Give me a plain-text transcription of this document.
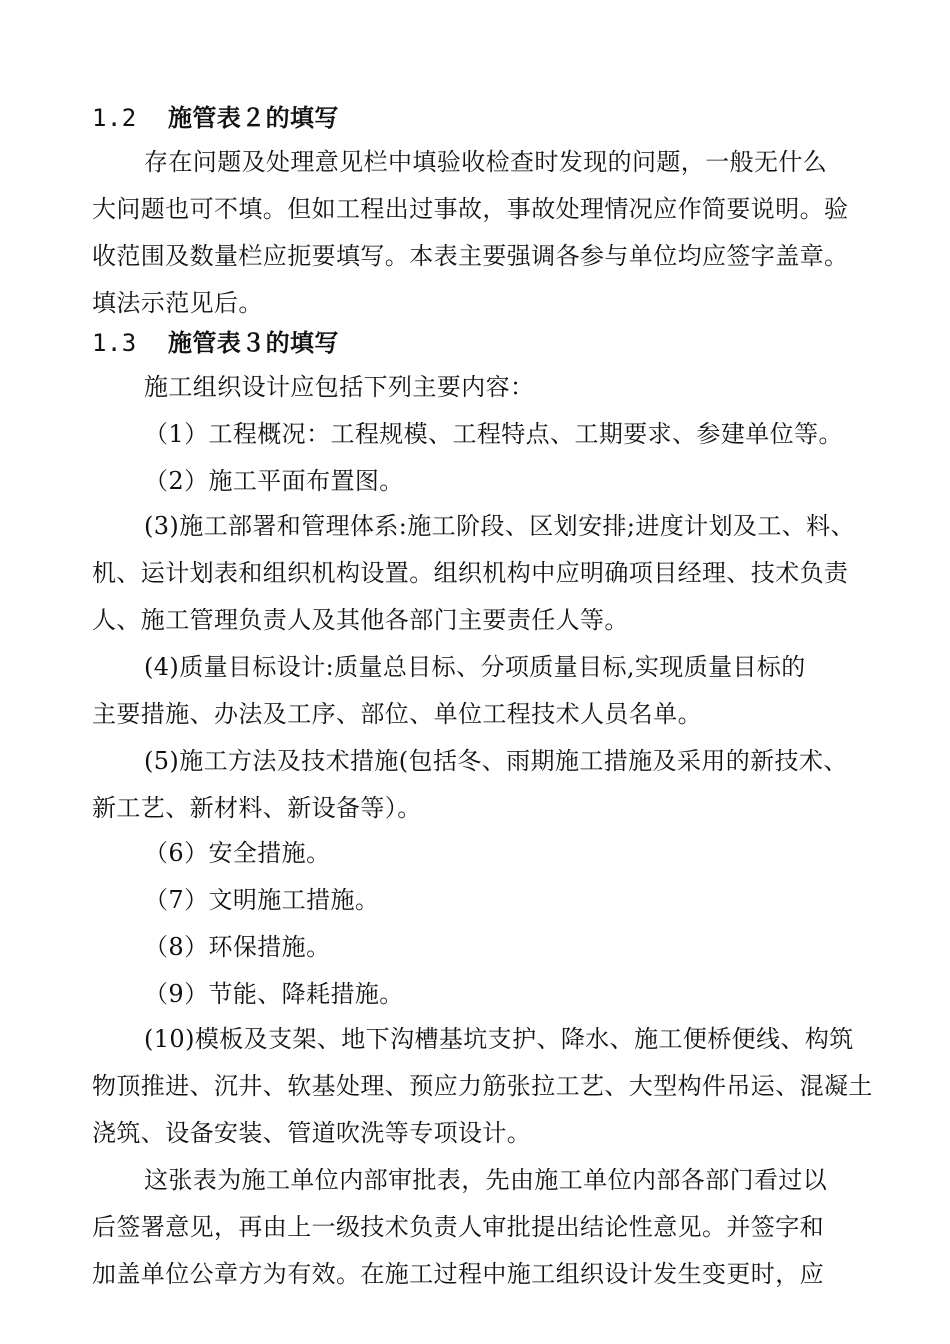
1.2 施管表２的填写
存在问题及处理意见栏中填验收检查时发现的问题，一般无什么
大问题也可不填。但如工程出过事故，事故处理情况应作简要说明。验
收范围及数量栏应扼要填写。本表主要强调各参与单位均应签字盖章。
填法示范见后。
1.3 施管表３的填写
施工组织设计应包括下列主要内容：
（1）工程概况：工程规模、工程特点、工期要求、参建单位等。
（2）施工平面布置图。
(3)施工部署和管理体系:施工阶段、区划安排;进度计划及工、料、
机、运计划表和组织机构设置。组织机构中应明确项目经理、技术负责
人、施工管理负责人及其他各部门主要责任人等。
(4)质量目标设计:质量总目标、分项质量目标,实现质量目标的
主要措施、办法及工序、部位、单位工程技术人员名单。
(5)施工方法及技术措施(包括冬、雨期施工措施及采用的新技术、
新工艺、新材料、新设备等）。
（6）安全措施。
（7）文明施工措施。
（8）环保措施。
（9）节能、降耗措施。
(10)模板及支架、地下沟槽基坑支护、降水、施工便桥便线、构筑
物顶推进、沉井、软基处理、预应力筋张拉工艺、大型构件吊运、混凝土
浇筑、设备安装、管道吹洗等专项设计。
这张表为施工单位内部审批表，先由施工单位内部各部门看过以
后签署意见，再由上一级技术负责人审批提出结论性意见。并签字和
加盖单位公章方为有效。在施工过程中施工组织设计发生变更时，应
